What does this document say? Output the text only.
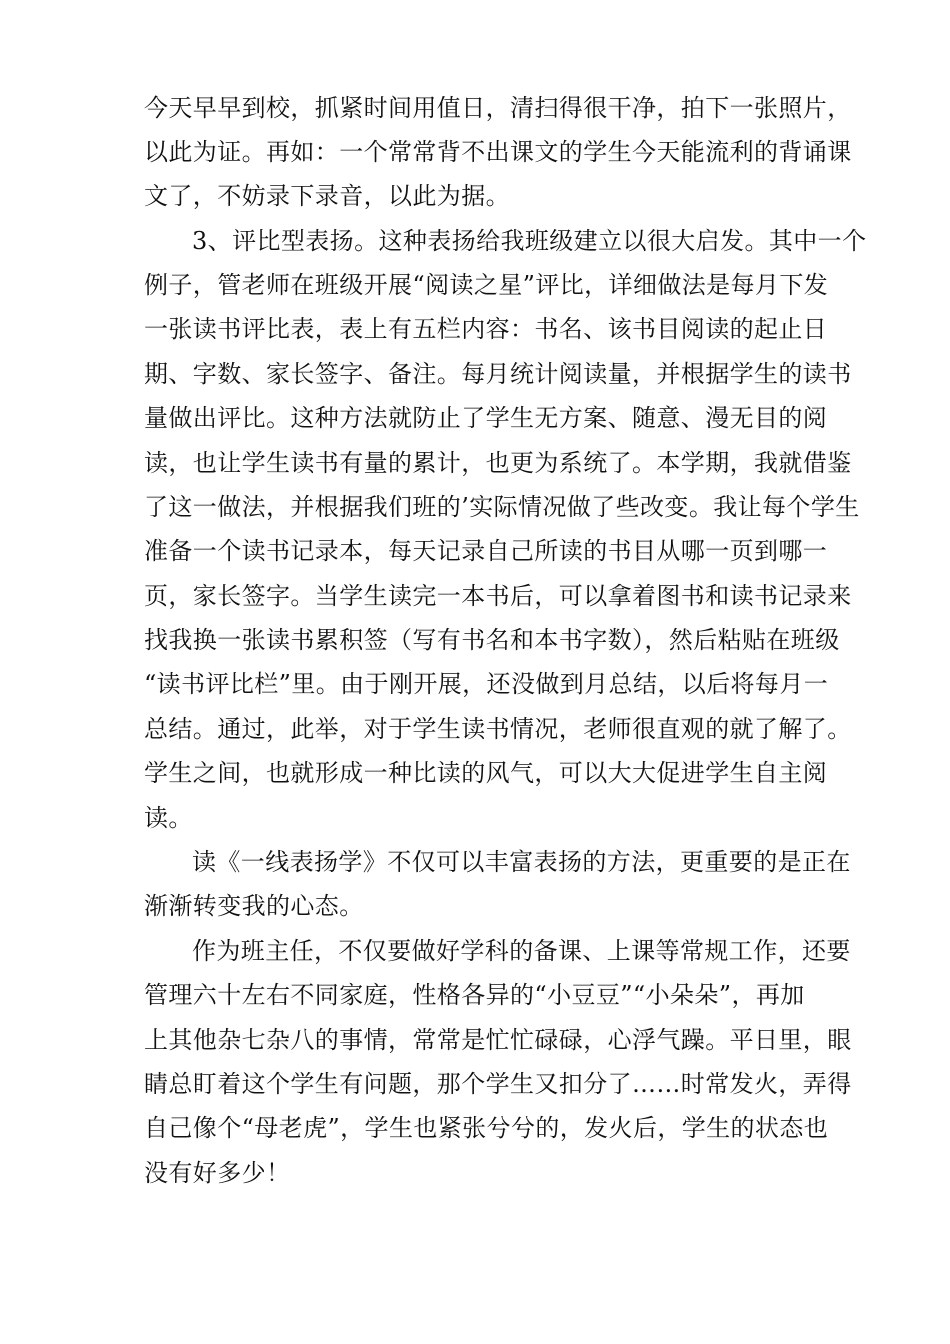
今天早早到校，抓紧时间用值日，清扫得很干净，拍下一张照片，
以此为证。再如：一个常常背不出课文的学生今天能流利的背诵课
文了，不妨录下录音，以此为据。
3、评比型表扬。这种表扬给我班级建立以很大启发。其中一个
例子，管老师在班级开展“阅读之星”评比，详细做法是每月下发
一张读书评比表，表上有五栏内容：书名、该书目阅读的起止日
期、字数、家长签字、备注。每月统计阅读量，并根据学生的读书
量做出评比。这种方法就防止了学生无方案、随意、漫无目的阅
读，也让学生读书有量的累计，也更为系统了。本学期，我就借鉴
了这一做法，并根据我们班的’实际情况做了些改变。我让每个学生
准备一个读书记录本，每天记录自己所读的书目从哪一页到哪一
页，家长签字。当学生读完一本书后，可以拿着图书和读书记录来
找我换一张读书累积签（写有书名和本书字数），然后粘贴在班级
“读书评比栏”里。由于刚开展，还没做到月总结，以后将每月一
总结。通过，此举，对于学生读书情况，老师很直观的就了解了。
学生之间，也就形成一种比读的风气，可以大大促进学生自主阅
读。
读《一线表扬学》不仅可以丰富表扬的方法，更重要的是正在
渐渐转变我的心态。
作为班主任，不仅要做好学科的备课、上课等常规工作，还要
管理六十左右不同家庭，性格各异的“小豆豆”“小朵朵”，再加
上其他杂七杂八的事情，常常是忙忙碌碌，心浮气躁。平日里，眼
睛总盯着这个学生有问题，那个学生又扣分了……时常发火，弄得
自己像个“母老虎”，学生也紧张兮兮的，发火后，学生的状态也
没有好多少！
